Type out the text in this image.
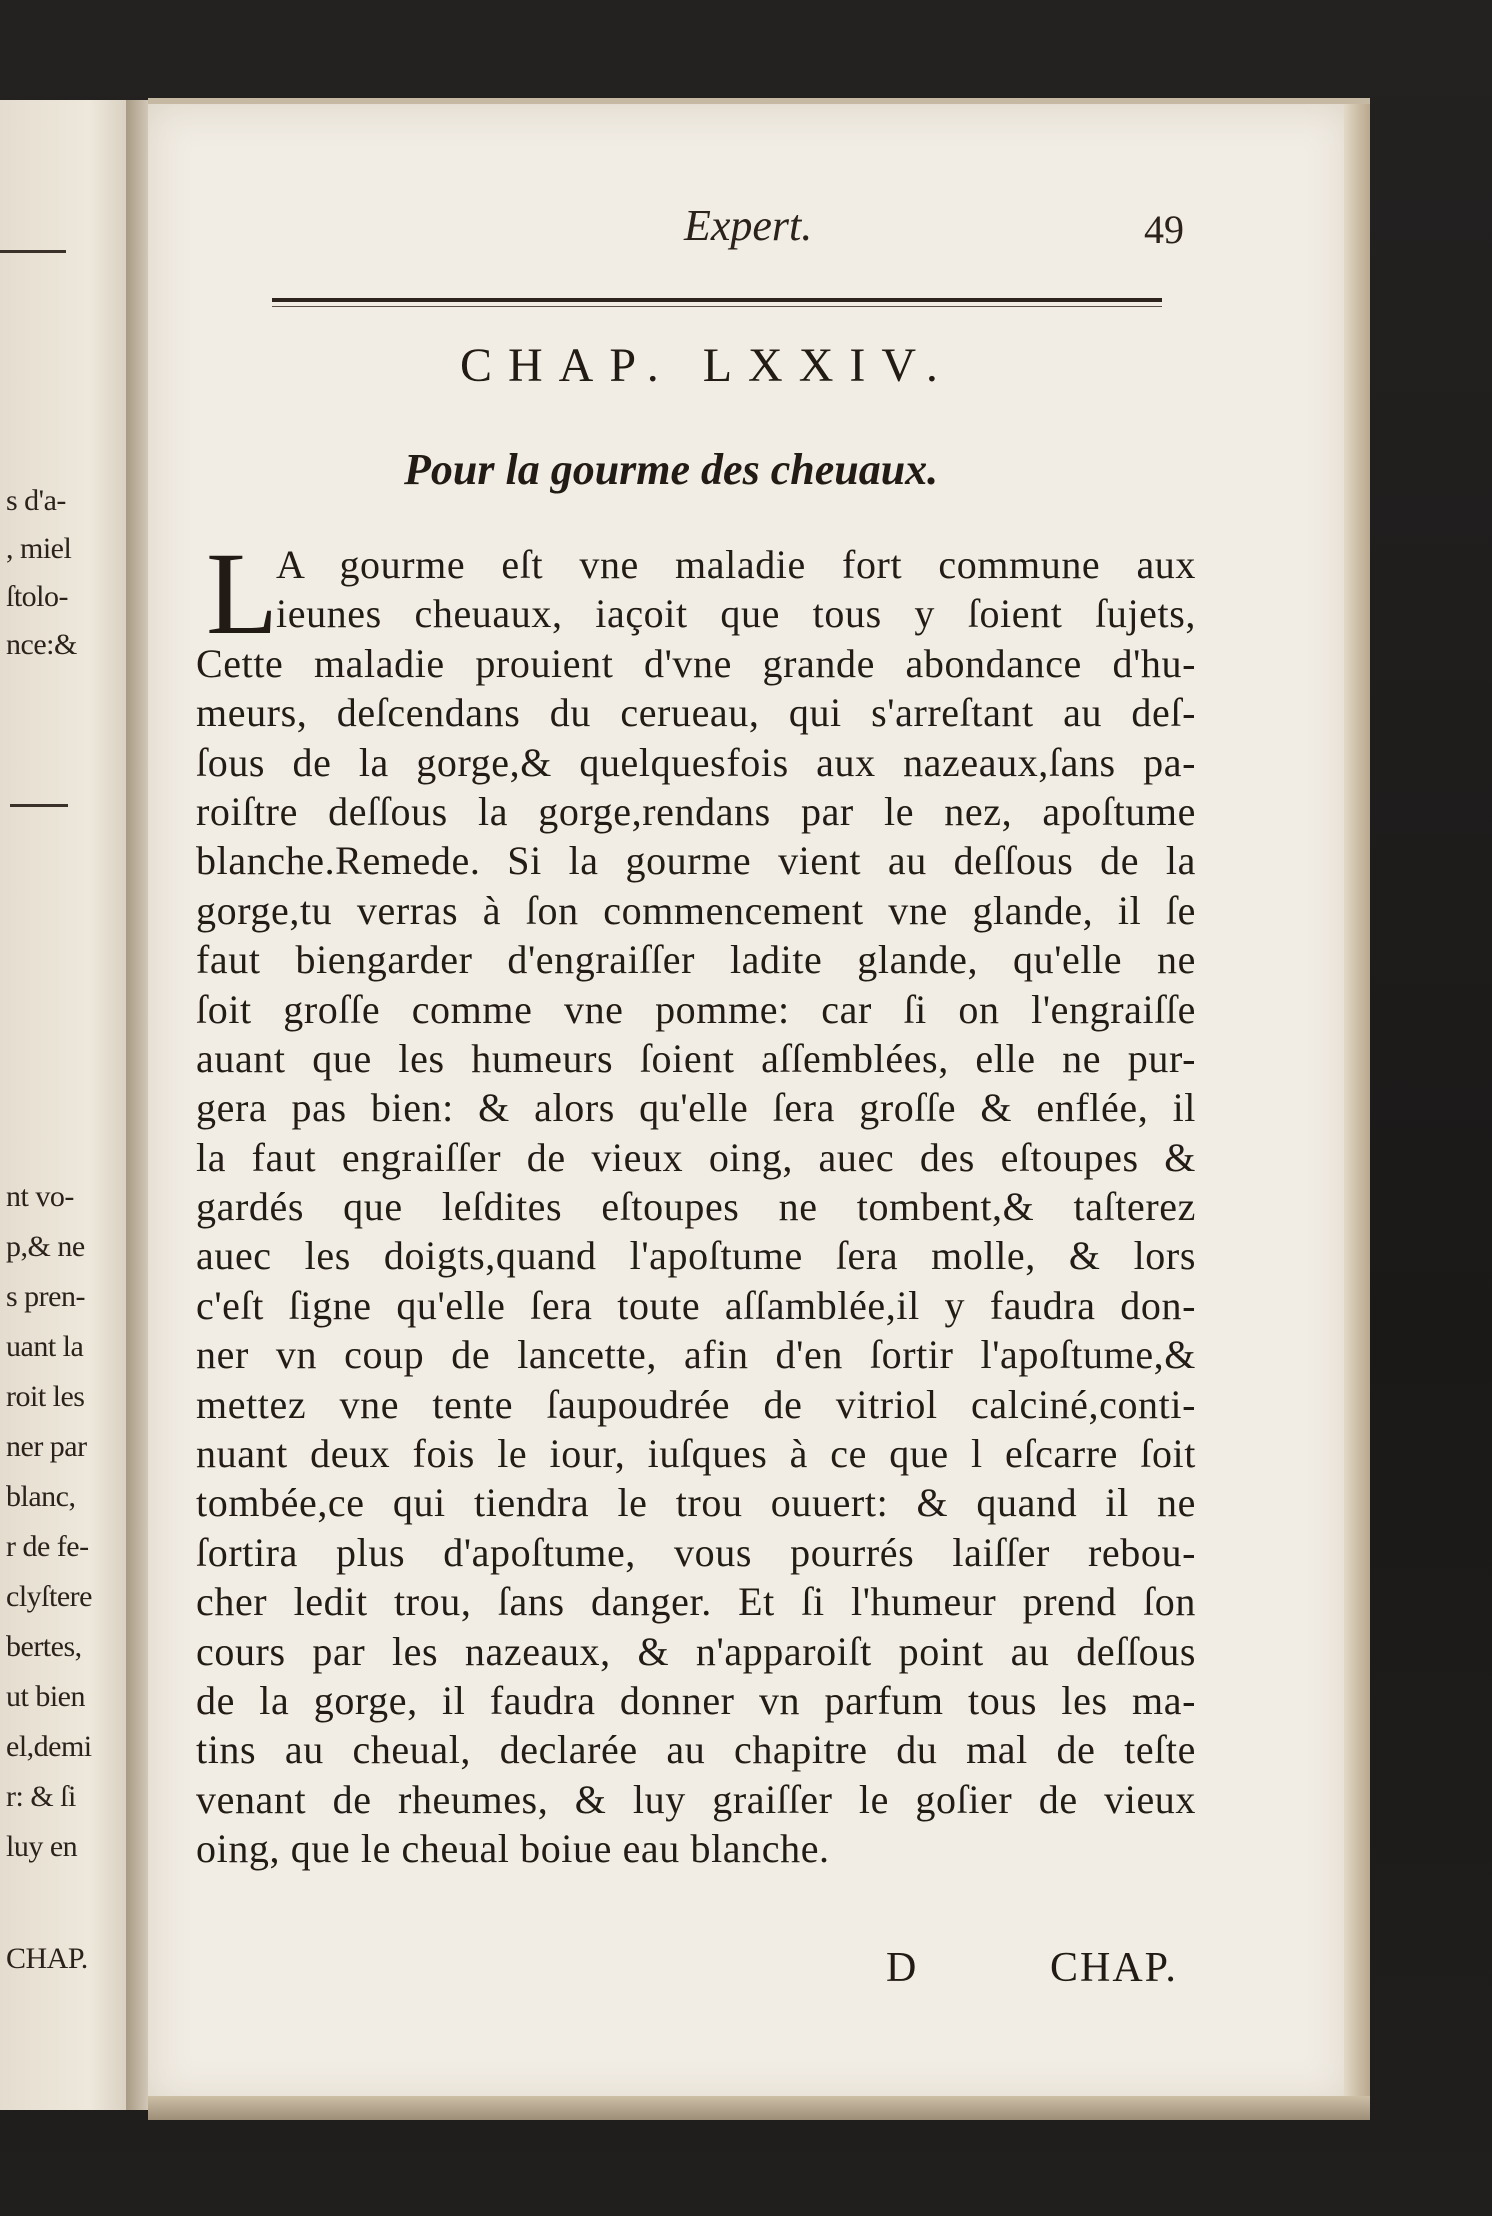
s d'a-
, miel
ſtolo-
nce:&
nt vo-
p,& ne
s pren-
uant la
roit les
ner par
blanc,
r de fe-
clyſtere
bertes,
ut bien
el,demi
r: & ſi
luy en
CHAP.
Expert.	49
CHAP. LXXIV.
Pour la gourme des cheuaux.
L
A gourme eſt vne maladie fort commune aux
ieunes cheuaux, iaçoit que tous y ſoient ſujets,
Cette maladie prouient d'vne grande abondance d'hu-
meurs, deſcendans du cerueau, qui s'arreſtant au deſ-
ſous de la gorge,& quelquesfois aux nazeaux,ſans pa-
roiſtre deſſous la gorge,rendans par le nez, apoſtume
blanche.Remede. Si la gourme vient au deſſous de la
gorge,tu verras à ſon commencement vne glande, il ſe
faut biengarder d'engraiſſer ladite glande, qu'elle ne
ſoit groſſe comme vne pomme: car ſi on l'engraiſſe
auant que les humeurs ſoient aſſemblées, elle ne pur-
gera pas bien: & alors qu'elle ſera groſſe & enflée, il
la faut engraiſſer de vieux oing, auec des eſtoupes &
gardés que leſdites eſtoupes ne tombent,& taſterez
auec les doigts,quand l'apoſtume ſera molle, & lors
c'eſt ſigne qu'elle ſera toute aſſamblée,il y faudra don-
ner vn coup de lancette, afin d'en ſortir l'apoſtume,&
mettez vne tente ſaupoudrée de vitriol calciné,conti-
nuant deux fois le iour, iuſques à ce que l eſcarre ſoit
tombée,ce qui tiendra le trou ouuert: & quand il ne
ſortira plus d'apoſtume, vous pourrés laiſſer rebou-
cher ledit trou, ſans danger. Et ſi l'humeur prend ſon
cours par les nazeaux, & n'apparoiſt point au deſſous
de la gorge, il faudra donner vn parfum tous les ma-
tins au cheual, declarée au chapitre du mal de teſte
venant de rheumes, & luy graiſſer le goſier de vieux
oing, que le cheual boiue eau blanche.
D	CHAP.
